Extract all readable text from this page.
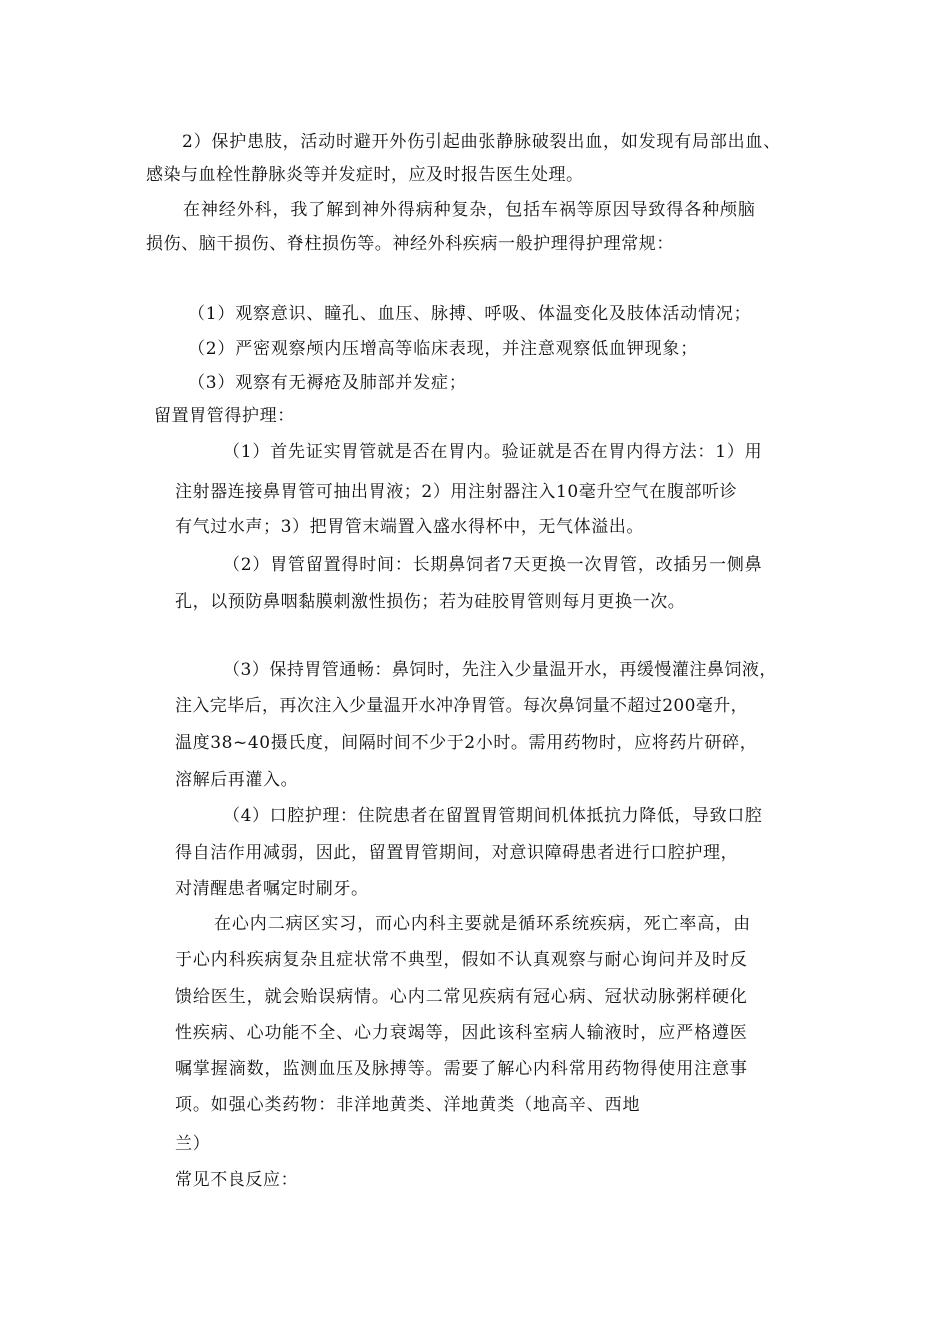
2）保护患肢，活动时避开外伤引起曲张静脉破裂出血，如发现有局部出血、
感染与血栓性静脉炎等并发症时，应及时报告医生处理。
在神经外科，我了解到神外得病种复杂，包括车祸等原因导致得各种颅脑
损伤、脑干损伤、脊柱损伤等。神经外科疾病一般护理得护理常规：
（1）观察意识、瞳孔、血压、脉搏、呼吸、体温变化及肢体活动情况；
（2）严密观察颅内压增高等临床表现，并注意观察低血钾现象；
（3）观察有无褥疮及肺部并发症；
留置胃管得护理：
（1）首先证实胃管就是否在胃内。验证就是否在胃内得方法：1）用
注射器连接鼻胃管可抽出胃液；2）用注射器注入10毫升空气在腹部听诊
有气过水声；3）把胃管末端置入盛水得杯中，无气体溢出。
（2）胃管留置得时间：长期鼻饲者7天更换一次胃管，改插另一侧鼻
孔，以预防鼻咽黏膜刺激性损伤；若为硅胶胃管则每月更换一次。
（3）保持胃管通畅：鼻饲时，先注入少量温开水，再缓慢灌注鼻饲液，
注入完毕后，再次注入少量温开水冲净胃管。每次鼻饲量不超过200毫升，
温度38~40摄氏度，间隔时间不少于2小时。需用药物时，应将药片研碎，
溶解后再灌入。
（4）口腔护理：住院患者在留置胃管期间机体抵抗力降低，导致口腔
得自洁作用减弱，因此，留置胃管期间，对意识障碍患者进行口腔护理，
对清醒患者嘱定时刷牙。
在心内二病区实习，而心内科主要就是循环系统疾病，死亡率高，由
于心内科疾病复杂且症状常不典型，假如不认真观察与耐心询问并及时反
馈给医生，就会贻误病情。心内二常见疾病有冠心病、冠状动脉粥样硬化
性疾病、心功能不全、心力衰竭等，因此该科室病人输液时，应严格遵医
嘱掌握滴数，监测血压及脉搏等。需要了解心内科常用药物得使用注意事
项。如强心类药物：非洋地黄类、洋地黄类（地高辛、西地
兰）
常见不良反应：
